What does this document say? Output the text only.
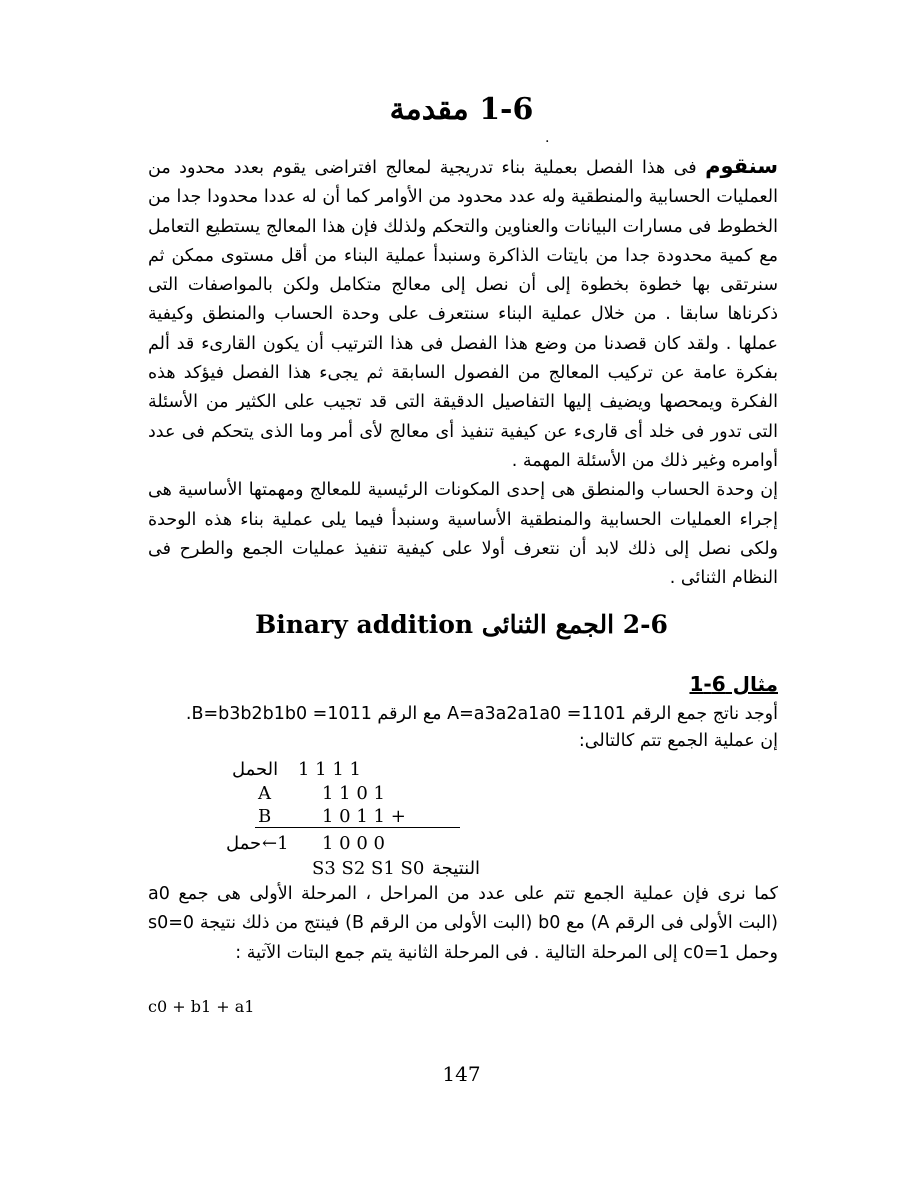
1-6 مقدمة
.

سنقوم فى هذا الفصل بعملية بناء تدريجية لمعالج افتراضى يقوم بعدد محدود من العمليات الحسابية والمنطقية وله عدد محدود من الأوامر كما أن له عددا محدودا جدا من الخطوط فى مسارات البيانات والعناوين والتحكم ولذلك فإن هذا المعالج يستطيع التعامل مع كمية محدودة جدا من بايتات الذاكرة وسنبدأ عملية البناء من أقل مستوى ممكن ثم سنرتقى بها خطوة بخطوة إلى أن نصل إلى معالج متكامل ولكن بالمواصفات التى ذكرناها سابقا . من خلال عملية البناء سنتعرف على وحدة الحساب والمنطق وكيفية عملها . ولقد كان قصدنا من وضع هذا الفصل فى هذا الترتيب أن يكون القارىء قد ألم بفكرة عامة عن تركيب المعالج من الفصول السابقة ثم يجىء هذا الفصل فيؤكد هذه الفكرة ويمحصها ويضيف إليها التفاصيل الدقيقة التى قد تجيب على الكثير من الأسئلة التى تدور فى خلد أى قارىء عن كيفية تنفيذ أى معالج لأى أمر وما الذى يتحكم فى عدد أوامره وغير ذلك من الأسئلة المهمة .

إن وحدة الحساب والمنطق هى إحدى المكونات الرئيسية للمعالج ومهمتها الأساسية هى إجراء العمليات الحسابية والمنطقية الأساسية وسنبدأ فيما يلى عملية بناء هذه الوحدة ولكى نصل إلى ذلك لابد أن نتعرف أولا على كيفية تنفيذ عمليات الجمع والطرح فى النظام الثنائى .

2-6 الجمع الثنائى Binary addition
مثال 6-1
أوجد ناتج جمع الرقم A=a3a2a1a0 =1101 مع الرقم B=b3b2b1b0 =1011.
إن عملية الجمع تتم كالتالى:
الحمل 1 1 1 1
A	1 1 0 1
B	1 0 1 1 +
حمل ←1 1 0 0 0
S3 S2 S1 S0 النتيجة
كما نرى فإن عملية الجمع تتم على عدد من المراحل ، المرحلة الأولى هى جمع a0 (البت الأولى فى الرقم A) مع b0 (البت الأولى من الرقم B) فينتج من ذلك نتيجة s0=0 وحمل c0=1 إلى المرحلة التالية . فى المرحلة الثانية يتم جمع البتات الآتية :
c0 + b1 + a1
147
